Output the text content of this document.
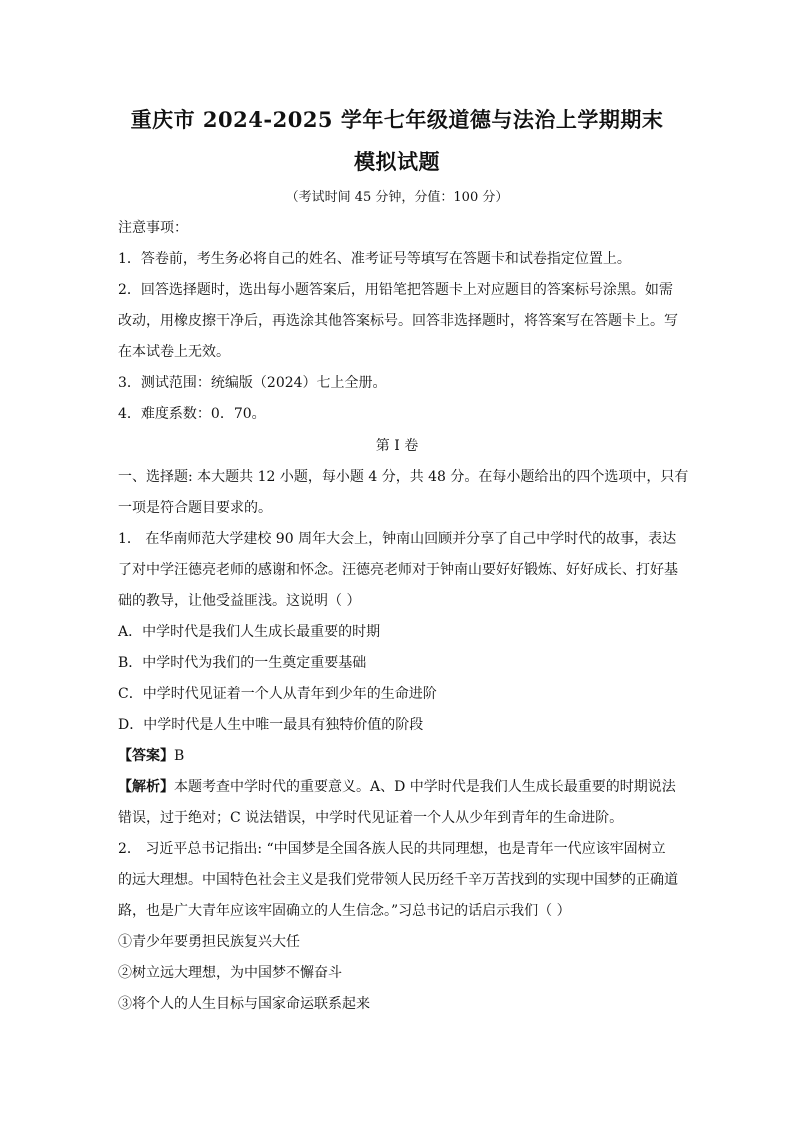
重庆市 2024-2025 学年七年级道德与法治上学期期末
模拟试题
（考试时间 45 分钟，分值：100 分）
注意事项：
1．答卷前，考生务必将自己的姓名、准考证号等填写在答题卡和试卷指定位置上。
2．回答选择题时，选出每小题答案后，用铅笔把答题卡上对应题目的答案标号涂黑。如需
改动，用橡皮擦干净后，再选涂其他答案标号。回答非选择题时，将答案写在答题卡上。写
在本试卷上无效。
3．测试范围：统编版（2024）七上全册。
4．难度系数：0．70。
第 I 卷
一、选择题: 本大题共 12 小题，每小题 4 分，共 48 分。在每小题给出的四个选项中，只有
一项是符合题目要求的。
1． 在华南师范大学建校 90 周年大会上，钟南山回顾并分享了自己中学时代的故事，表达
了对中学汪德亮老师的感谢和怀念。汪德亮老师对于钟南山要好好锻炼、好好成长、打好基
础的教导，让他受益匪浅。这说明（ ）
A．中学时代是我们人生成长最重要的时期
B．中学时代为我们的一生奠定重要基础
C．中学时代见证着一个人从青年到少年的生命进阶
D．中学时代是人生中唯一最具有独特价值的阶段
【答案】B
【解析】本题考查中学时代的重要意义。A、D 中学时代是我们人生成长最重要的时期说法
错误，过于绝对；C 说法错误，中学时代见证着一个人从少年到青年的生命进阶。
2． 习近平总书记指出: “中国梦是全国各族人民的共同理想，也是青年一代应该牢固树立
的远大理想。中国特色社会主义是我们党带领人民历经千辛万苦找到的实现中国梦的正确道
路，也是广大青年应该牢固确立的人生信念。”习总书记的话启示我们（ ）
①青少年要勇担民族复兴大任
②树立远大理想，为中国梦不懈奋斗
③将个人的人生目标与国家命运联系起来
